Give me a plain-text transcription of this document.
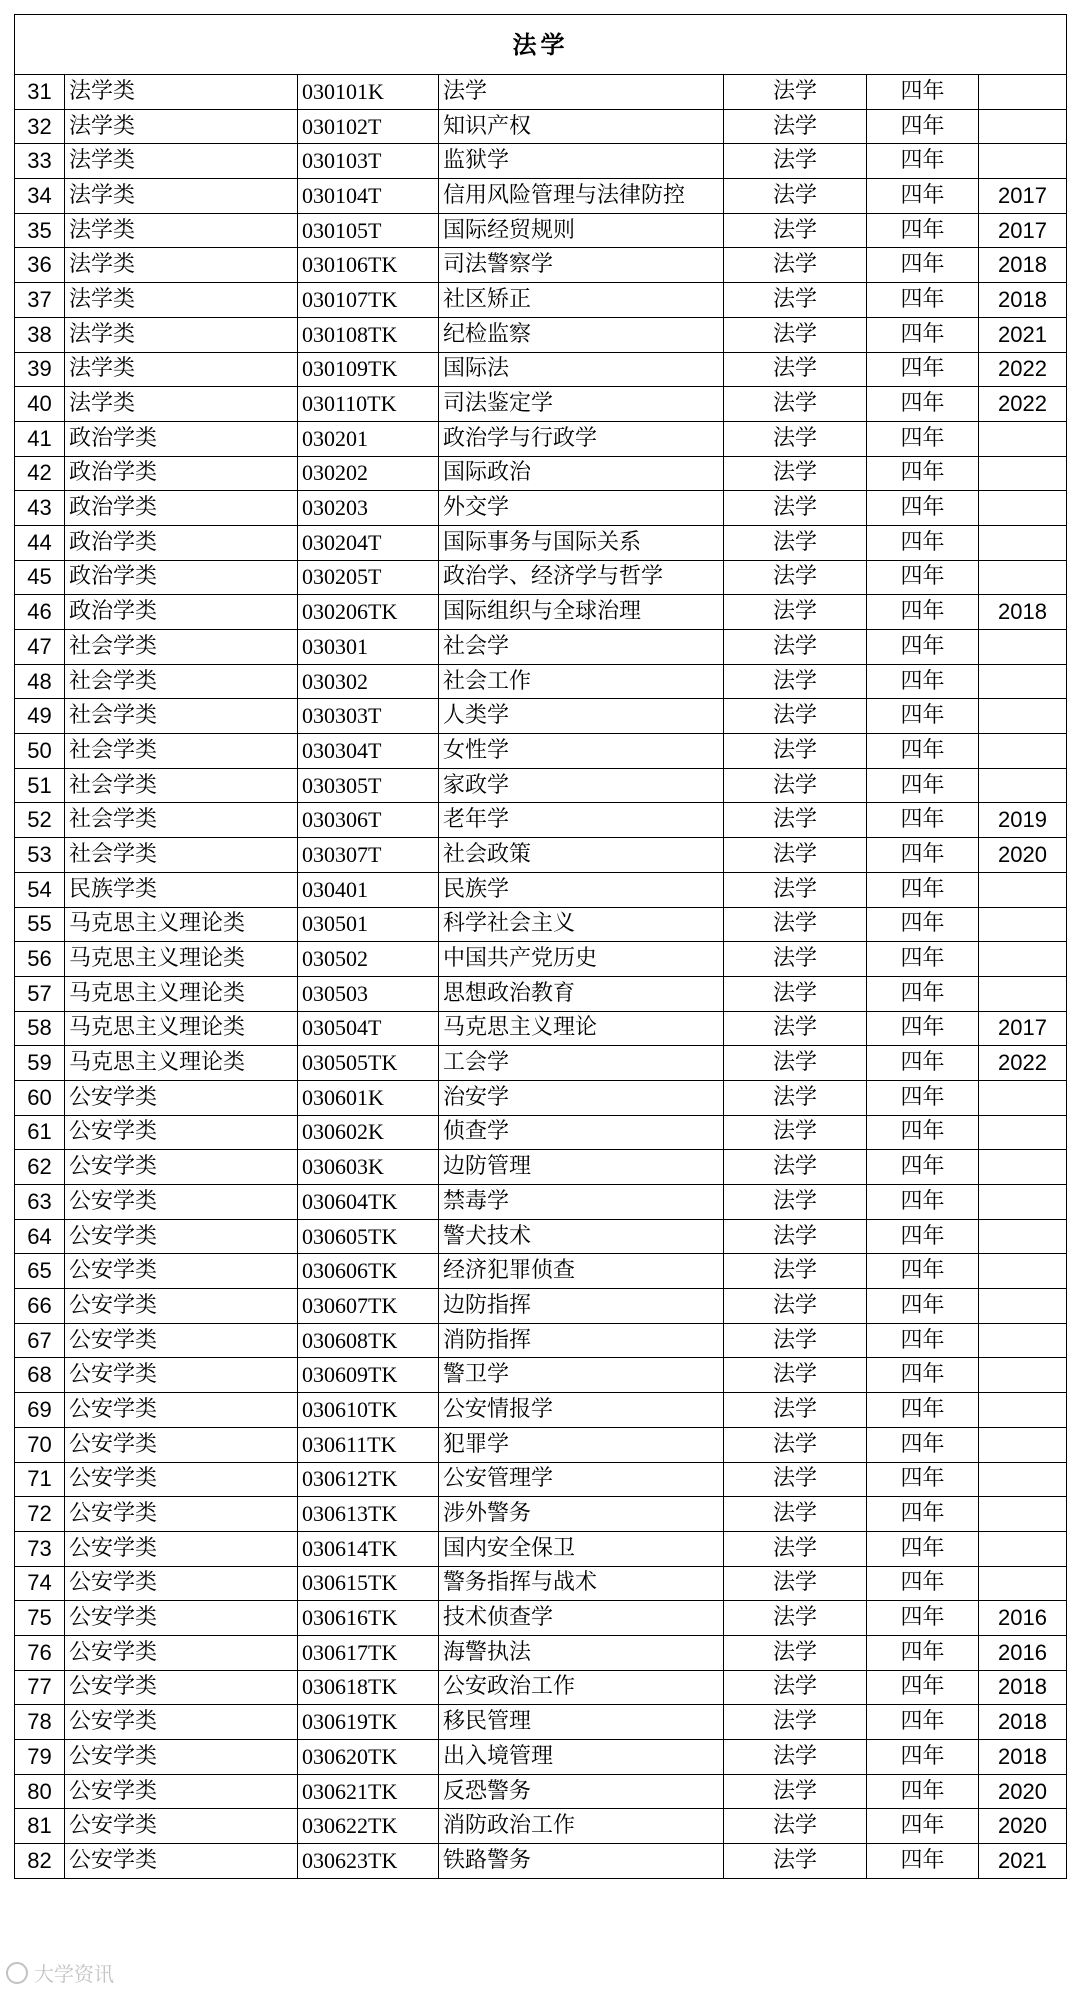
法学						
31	法学类	030101K	法学	法学	四年	
32	法学类	030102T	知识产权	法学	四年	
33	法学类	030103T	监狱学	法学	四年	
34	法学类	030104T	信用风险管理与法律防控	法学	四年	2017
35	法学类	030105T	国际经贸规则	法学	四年	2017
36	法学类	030106TK	司法警察学	法学	四年	2018
37	法学类	030107TK	社区矫正	法学	四年	2018
38	法学类	030108TK	纪检监察	法学	四年	2021
39	法学类	030109TK	国际法	法学	四年	2022
40	法学类	030110TK	司法鉴定学	法学	四年	2022
41	政治学类	030201	政治学与行政学	法学	四年	
42	政治学类	030202	国际政治	法学	四年	
43	政治学类	030203	外交学	法学	四年	
44	政治学类	030204T	国际事务与国际关系	法学	四年	
45	政治学类	030205T	政治学、经济学与哲学	法学	四年	
46	政治学类	030206TK	国际组织与全球治理	法学	四年	2018
47	社会学类	030301	社会学	法学	四年	
48	社会学类	030302	社会工作	法学	四年	
49	社会学类	030303T	人类学	法学	四年	
50	社会学类	030304T	女性学	法学	四年	
51	社会学类	030305T	家政学	法学	四年	
52	社会学类	030306T	老年学	法学	四年	2019
53	社会学类	030307T	社会政策	法学	四年	2020
54	民族学类	030401	民族学	法学	四年	
55	马克思主义理论类	030501	科学社会主义	法学	四年	
56	马克思主义理论类	030502	中国共产党历史	法学	四年	
57	马克思主义理论类	030503	思想政治教育	法学	四年	
58	马克思主义理论类	030504T	马克思主义理论	法学	四年	2017
59	马克思主义理论类	030505TK	工会学	法学	四年	2022
60	公安学类	030601K	治安学	法学	四年	
61	公安学类	030602K	侦查学	法学	四年	
62	公安学类	030603K	边防管理	法学	四年	
63	公安学类	030604TK	禁毒学	法学	四年	
64	公安学类	030605TK	警犬技术	法学	四年	
65	公安学类	030606TK	经济犯罪侦查	法学	四年	
66	公安学类	030607TK	边防指挥	法学	四年	
67	公安学类	030608TK	消防指挥	法学	四年	
68	公安学类	030609TK	警卫学	法学	四年	
69	公安学类	030610TK	公安情报学	法学	四年	
70	公安学类	030611TK	犯罪学	法学	四年	
71	公安学类	030612TK	公安管理学	法学	四年	
72	公安学类	030613TK	涉外警务	法学	四年	
73	公安学类	030614TK	国内安全保卫	法学	四年	
74	公安学类	030615TK	警务指挥与战术	法学	四年	
75	公安学类	030616TK	技术侦查学	法学	四年	2016
76	公安学类	030617TK	海警执法	法学	四年	2016
77	公安学类	030618TK	公安政治工作	法学	四年	2018
78	公安学类	030619TK	移民管理	法学	四年	2018
79	公安学类	030620TK	出入境管理	法学	四年	2018
80	公安学类	030621TK	反恐警务	法学	四年	2020
81	公安学类	030622TK	消防政治工作	法学	四年	2020
82	公安学类	030623TK	铁路警务	法学	四年	2021
大学资讯
